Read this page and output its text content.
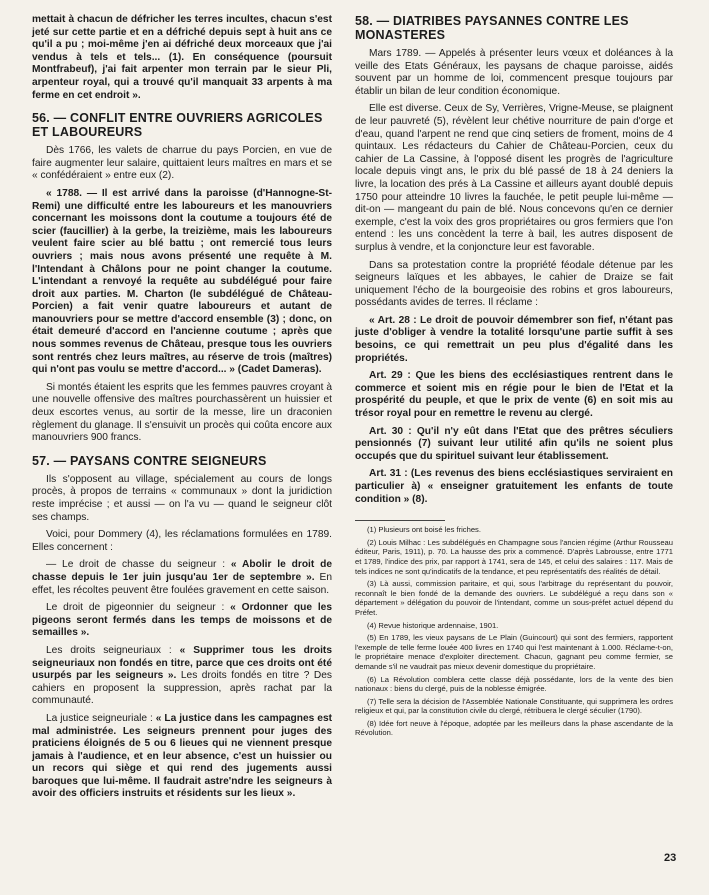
mettait à chacun de défricher les terres incultes, chacun s'est jeté sur cette partie et en a défriché depuis sept à huit ans ce qu'il a pu ; moi-même j'en ai défriché deux morceaux que j'ai vendus à tels et tels... (1). En conséquence (poursuit Montfrabeuf), j'ai fait arpenter mon terrain par le sieur Pli, arpenteur royal, qui a trouvé qu'il manquait 33 arpents à ma ferme en cet endroit ».

56. — CONFLIT ENTRE OUVRIERS AGRICOLES ET LABOUREURS

Dès 1766, les valets de charrue du pays Porcien, en vue de faire augmenter leur salaire, quittaient leurs maîtres en mars et se « confédéraient » entre eux (2).

« 1788. — Il est arrivé dans la paroisse (d'Hannogne-St-Remi) une difficulté entre les laboureurs et les manouvriers concernant les moissons dont la coutume a toujours été de scier (faucillier) à la gerbe, la treizième, mais les laboureurs veulent faire scier au blé battu ; ont remercié tous leurs ouvriers ; mais nous avons présenté une requête à M. l'Intendant à Châlons pour ne point changer la coutume. L'intendant a renvoyé la requête au subdélégué pour faire droit aux parties. M. Charton (le subdélégué de Château-Porcien) a fait venir quatre laboureurs et autant de manouvriers pour se mettre d'accord ensemble (3) ; donc, on était demeuré d'accord en l'ancienne coutume ; après que nous sommes revenus de Château, presque tous les ouvriers sont rentrés chez leurs maîtres, au réserve de trois (maîtres) qui n'ont pas voulu se mettre d'accord... » (Cadet Dameras).

Si montés étaient les esprits que les femmes pauvres croyant à une nouvelle offensive des maîtres pourchassèrent un huissier et deux escortes venus, au sortir de la messe, lire un draconien règlement du glanage. Il s'ensuivit un procès qui coûta encore aux manouvriers 900 francs.

57. — PAYSANS CONTRE SEIGNEURS

Ils s'opposent au village, spécialement au cours de longs procès, à propos de terrains « communaux » dont la juridiction reste imprécise ; et aussi — on l'a vu — quand le seigneur clôt ses champs.

Voici, pour Dommery (4), les réclamations formulées en 1789. Elles concernent :

— Le droit de chasse du seigneur : « Abolir le droit de chasse depuis le 1er juin jusqu'au 1er de septembre ». En effet, les récoltes peuvent être foulées gravement en cette saison.

Le droit de pigeonnier du seigneur : « Ordonner que les pigeons seront fermés dans les temps de moissons et de semailles ».

Les droits seigneuriaux : « Supprimer tous les droits seigneuriaux non fondés en titre, parce que ces droits ont été usurpés par les seigneurs ». Les droits fondés en titre ? Des cahiers en proposent la suppression, après rachat par la communauté.

La justice seigneuriale : « La justice dans les campagnes est mal administrée. Les seigneurs prennent pour juges des praticiens éloignés de 5 ou 6 lieues qui ne viennent presque jamais à l'audience, et en leur absence, c'est un huissier ou un recors qui siège et qui rend des jugements aussi baroques que lui-même. Il faudrait astre'ndre les seigneurs à avoir des officiers instruits et résidents sur les lieux ».

58. — DIATRIBES PAYSANNES CONTRE LES MONASTERES

Mars 1789. — Appelés à présenter leurs vœux et doléances à la veille des Etats Généraux, les paysans de chaque paroisse, aidés souvent par un homme de loi, commencent presque toujours par établir un bilan de leur condition économique.

Elle est diverse. Ceux de Sy, Verrières, Vrigne-Meuse, se plaignent de leur pauvreté (5), révèlent leur chétive nourriture de pain d'orge et d'eau, quand l'arpent ne rend que cinq setiers de froment, moins de 4 quintaux. Les rédacteurs du Cahier de Château-Porcien, ceux du cahier de La Cassine, à l'opposé disent les progrès de l'agriculture locale depuis vingt ans, le prix du blé passé de 18 à 24 deniers la livre, la location des prés à La Cassine et ailleurs ayant doublé depuis 1750 pour atteindre 10 livres la fauchée, le petit peuple lui-même — dit-on — mangeant du pain de blé. Nous concevons qu'en ce dernier exemple, c'est la voix des gros propriétaires ou gros fermiers que l'on entend : les uns concèdent la terre à bail, les autres disposent de surplus à vendre, et la conjoncture leur est favorable.

Dans sa protestation contre la propriété féodale détenue par les seigneurs laïques et les abbayes, le cahier de Draize se fait uniquement l'écho de la bourgeoisie des robins et gros laboureurs, possédants avides de terres. Il réclame :

« Art. 28 : Le droit de pouvoir démembrer son fief, n'étant pas juste d'obliger à vendre la totalité lorsqu'une partie suffit à ses besoins, ce qui remettrait un peu plus d'égalité dans les propriétés.

Art. 29 : Que les biens des ecclésiastiques rentrent dans le commerce et soient mis en régie pour le bien de l'Etat et la prospérité du peuple, et que le prix de vente (6) en soit mis au trésor royal pour en remettre le revenu au clergé.

Art. 30 : Qu'il n'y eût dans l'Etat que des prêtres séculiers pensionnés (7) suivant leur utilité afin qu'ils ne soient plus occupés que du spirituel suivant leur établissement.

Art. 31 : (Les revenus des biens ecclésiastiques serviraient en particulier à) « enseigner gratuitement les enfants de toute condition » (8).

(1) Plusieurs ont boisé les friches.

(2) Louis Milhac : Les subdélégués en Champagne sous l'ancien régime (Arthur Rousseau éditeur, Paris, 1911), p. 70. La hausse des prix a commencé. D'après Labrousse, entre 1771 et 1789, l'indice des prix, par rapport à 1741, sera de 145, et celui des salaires : 117. Mais de tels indices ne sont qu'indicatifs de la tendance, et peu représentatifs des réalités de détail.

(3) Là aussi, commission paritaire, et qui, sous l'arbitrage du représentant du pouvoir, reconnaît le bien fondé de la demande des ouvriers. Le subdélégué a reçu dans son « département » délégation du pouvoir de l'intendant, comme un sous-préfet actuel dépend du Préfet.

(4) Revue historique ardennaise, 1901.

(5) En 1789, les vieux paysans de Le Plain (Guincourt) qui sont des fermiers, rapportent l'exemple de telle ferme louée 400 livres en 1740 qui l'est maintenant à 1.000. Réclame-t-on, le propriétaire menace d'exploiter directement. Chacun, gagnant peu comme fermier, se demande s'il ne vaudrait pas mieux devenir domestique du propriétaire.

(6) La Révolution comblera cette classe déjà possédante, lors de la vente des bien nationaux : biens du clergé, puis de la noblesse émigrée.

(7) Telle sera la décision de l'Assemblée Nationale Constituante, qui supprimera les ordres religieux et qui, par la constitution civile du clergé, rétribuera le clergé séculier (1790).

(8) Idée fort neuve à l'époque, adoptée par les meilleurs dans la phase ascendante de la Révolution.

23
